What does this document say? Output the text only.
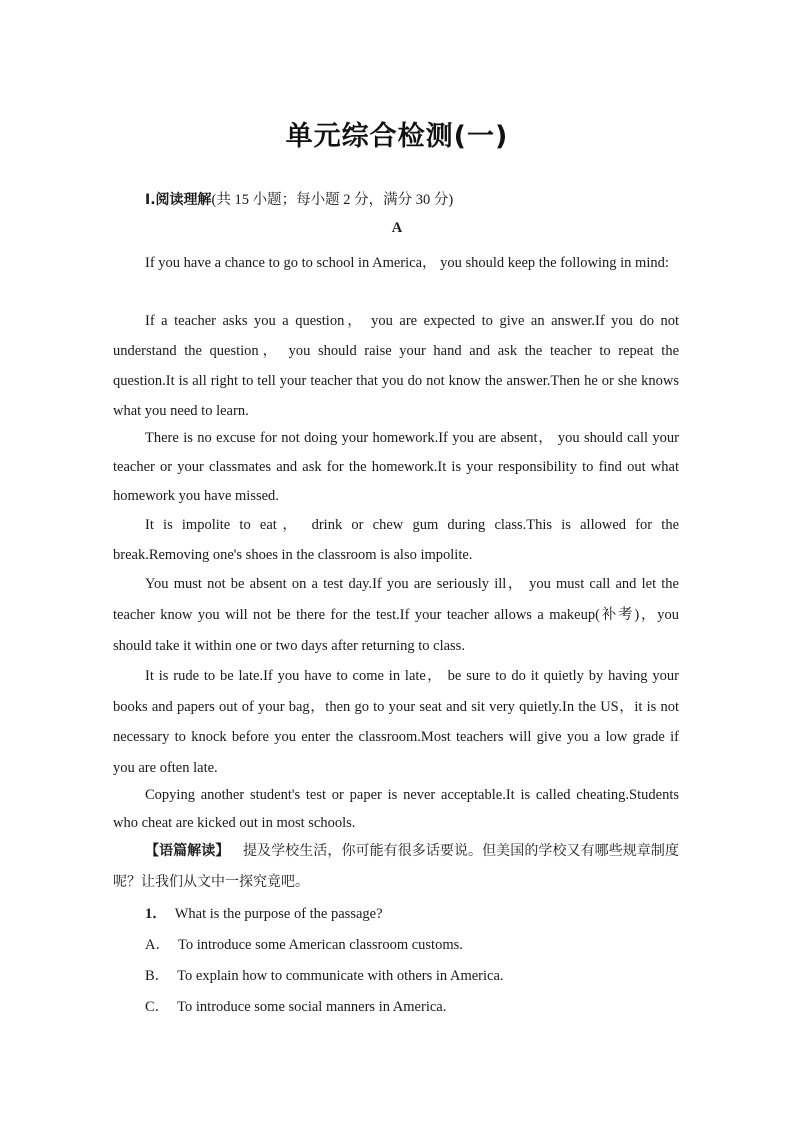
单元综合检测(一)
Ⅰ.阅读理解(共 15 小题；每小题 2 分，满分 30 分)
A

If you have a chance to go to school in America， you should keep the following in mind:

If a teacher asks you a question， you are expected to give an answer.If you do not understand the question， you should raise your hand and ask the teacher to repeat the question.It is all right to tell your teacher that you do not know the answer.Then he or she knows what you need to learn.

There is no excuse for not doing your homework.If you are absent， you should call your teacher or your classmates and ask for the homework.It is your responsibility to find out what homework you have missed.

It is impolite to eat， drink or chew gum during class.This is allowed for the break.Removing one's shoes in the classroom is also impolite.

You must not be absent on a test day.If you are seriously ill， you must call and let the teacher know you will not be there for the test.If your teacher allows a makeup(补考)，you should take it within one or two days after returning to class.

It is rude to be late.If you have to come in late， be sure to do it quietly by having your books and papers out of your bag，then go to your seat and sit very quietly.In the US，it is not necessary to knock before you enter the classroom.Most teachers will give you a low grade if you are often late.

Copying another student's test or paper is never acceptable.It is called cheating.Students who cheat are kicked out in most schools.

【语篇解读】 提及学校生活，你可能有很多话要说。但美国的学校又有哪些规章制度呢？让我们从文中一探究竟吧。

1． What is the purpose of the passage?
A． To introduce some American classroom customs.
B． To explain how to communicate with others in America.
C． To introduce some social manners in America.
